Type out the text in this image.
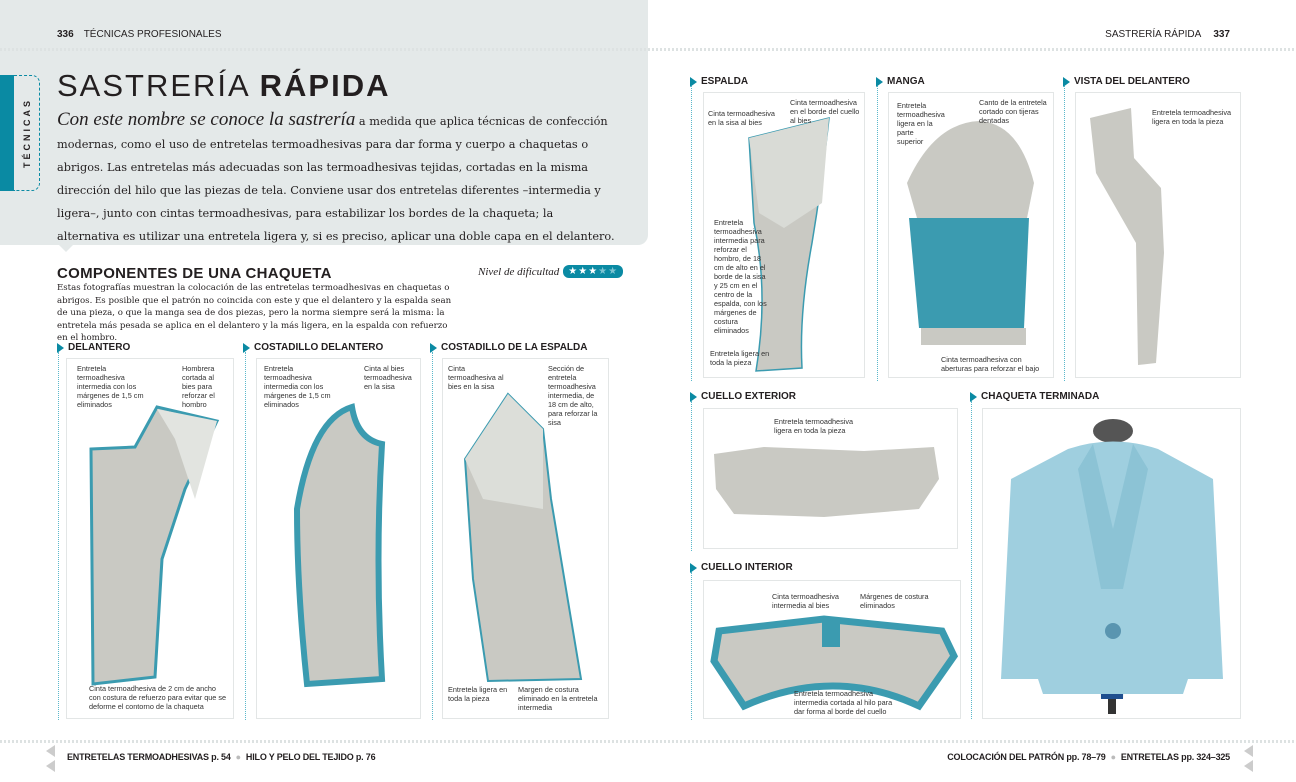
336 TÉCNICAS PROFESIONALES	SASTRERÍA RÁPIDA 337
TÉCNICAS
SASTRERÍA RÁPIDA

Con este nombre se conoce la sastrería a medida que aplica técnicas de confección modernas, como el uso de entretelas termoadhesivas para dar forma y cuerpo a chaquetas o abrigos. Las entretelas más adecuadas son las termoadhesivas tejidas, cortadas en la misma dirección del hilo que las piezas de tela. Conviene usar dos entretelas diferentes –intermedia y ligera–, junto con cintas termoadhesivas, para estabilizar los bordes de la chaqueta; la alternativa es utilizar una entretela ligera y, si es preciso, aplicar una doble capa en el delantero.

COMPONENTES DE UNA CHAQUETA

Estas fotografías muestran la colocación de las entretelas termoadhesivas en chaquetas o abrigos. Es posible que el patrón no coincida con este y que el delantero y la espalda sean de una pieza, o que la manga sea de dos piezas, pero la norma siempre será la misma: la entretela más pesada se aplica en el delantero y la más ligera, en la espalda con refuerzo en el hombro.

Nivel de dificultad ★★★★★
DELANTERO	COSTADILLO DELANTERO	COSTADILLO DE LA ESPALDA
Entretela termoadhesiva intermedia con los márgenes de 1,5 cm eliminados
Hombrera cortada al bies para reforzar el hombro
Cinta termoadhesiva de 2 cm de ancho con costura de refuerzo para evitar que se deforme el contorno de la chaqueta
Entretela termoadhesiva intermedia con los márgenes de 1,5 cm eliminados
Cinta al bies termoadhesiva en la sisa
Cinta termoadhesiva al bies en la sisa
Sección de entretela termoadhesiva intermedia, de 18 cm de alto, para reforzar la sisa
Entretela ligera en toda la pieza
Margen de costura eliminado en la entretela intermedia
ESPALDA	MANGA	VISTA DEL DELANTERO
CUELLO EXTERIOR	CHAQUETA TERMINADA
CUELLO INTERIOR
Cinta termoadhesiva en la sisa al bies
Cinta termoadhesiva en el borde del cuello al bies
Entretela termoadhesiva intermedia para reforzar el hombro, de 18 cm de alto en el borde de la sisa y 25 cm en el centro de la espalda, con los márgenes de costura eliminados
Entretela ligera en toda la pieza
Entretela termoadhesiva ligera en la parte superior
Canto de la entretela cortado con tijeras dentadas
Cinta termoadhesiva con aberturas para reforzar el bajo
Entretela termoadhesiva ligera en toda la pieza
Entretela termoadhesiva ligera en toda la pieza
Cinta termoadhesiva intermedia al bies
Márgenes de costura eliminados
Entretela termoadhesiva intermedia cortada al hilo para dar forma al borde del cuello
ENTRETELAS TERMOADHESIVAS p. 54 ● HILO Y PELO DEL TEJIDO p. 76	COLOCACIÓN DEL PATRÓN pp. 78–79 ● ENTRETELAS pp. 324–325
